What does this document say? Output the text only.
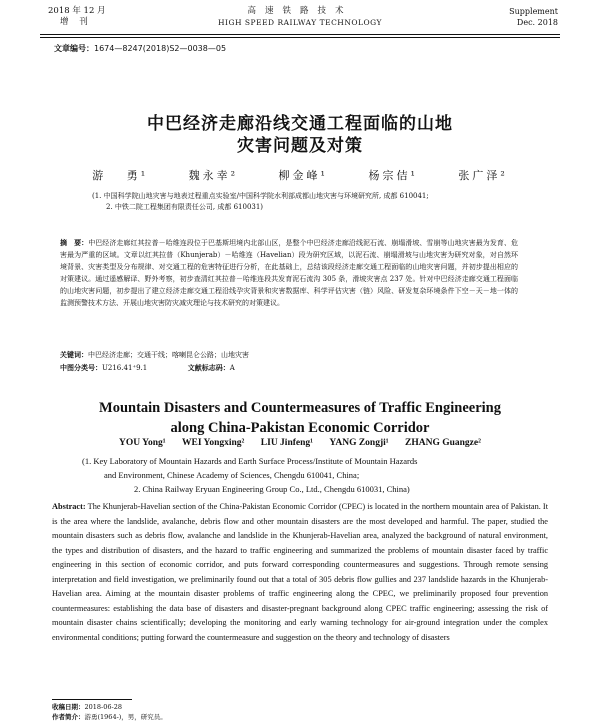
2018 年 12 月
增 刊
高速铁路技术
HIGH SPEED RAILWAY TECHNOLOGY
Supplement
Dec. 2018
文章编号：1674—8247(2018)S2—0038—05
中巴经济走廊沿线交通工程面临的山地
灾害问题及对策
游 勇¹	魏永幸²	柳金峰¹	杨宗佶¹	张广泽²
(1. 中国科学院山地灾害与地表过程重点实验室/中国科学院水利部成都山地灾害与环境研究所, 成都 610041;
2. 中铁二院工程集团有限责任公司, 成都 610031)
摘　要：中巴经济走廊红其拉普－哈维连段位于巴基斯坦境内北部山区，是整个中巴经济走廊沿线泥石流、崩塌滑坡、雪崩等山地灾害最为发育、危害最为严重的区域。文章以红其拉普（Khunjerab）－哈维连（Havelian）段为研究区域，以泥石流、崩塌滑坡与山地灾害为研究对象，对自然环境背景、灾害类型及分布规律、对交通工程的危害特征进行分析，在此基础上，总结该段经济走廊交通工程面临的山地灾害问题，并初步提出相应的对策建议。通过遥感解译、野外考察，初步查清红其拉普－哈维连段共发育泥石流沟 305 条，滑坡灾害点 237 处。针对中巴经济走廊交通工程面临的山地灾害问题，初步提出了建立经济走廊交通工程沿线孕灾背景和灾害数据库、科学评估灾害（链）风险、研发复杂环境条件下空－天－地一体的监测预警技术方法、开展山地灾害防灾减灾理论与技术研究的对策建议。
关键词：中巴经济走廊；交通干线；喀喇昆仑公路；山地灾害
中图分类号：U216.41⁺9.1	文献标志码：A
Mountain Disasters and Countermeasures of Traffic Engineering
along China-Pakistan Economic Corridor
YOU Yong¹ WEI Yongxing² LIU Jinfeng¹ YANG Zongji¹ ZHANG Guangze²
(1. Key Laboratory of Mountain Hazards and Earth Surface Process/Institute of Mountain Hazards
and Environment, Chinese Academy of Sciences, Chengdu 610041, China;
2. China Railway Eryuan Engineering Group Co., Ltd., Chengdu 610031, China)
Abstract: The Khunjerab-Havelian section of the China-Pakistan Economic Corridor (CPEC) is located in the northern mountain area of Pakistan. It is the area where the landslide, avalanche, debris flow and other mountain disasters are the most developed and harmful. The paper, studied the mountain disasters such as debris flow, avalanche and landslide in the Khunjerab-Havelian area, analyzed the background of natural environment, the types and distribution of disasters, and the hazard to traffic engineering and summarized the problems of mountain disaster faced by traffic engineering in this section of economic corridor, and puts forward corresponding countermeasures and suggestions. Through remote sensing interpretation and field investigation, we preliminarily found out that a total of 305 debris flow gullies and 237 landslide hazards in the Khunjerab-Havelian area. Aiming at the mountain disaster problems of traffic engineering along the CPEC, we preliminarily proposed four prevention countermeasures: establishing the data base of disasters and disaster-pregnant background along CPEC traffic engineering; assessing the risk of mountain disaster chains scientifically; developing the monitoring and early warning technology for air-ground integration under the complex environmental conditions; putting forward the countermeasure and suggestion on the theory and technology of disasters
收稿日期：2018-06-28
作者简介：游勇(1964-)，男，研究员。
